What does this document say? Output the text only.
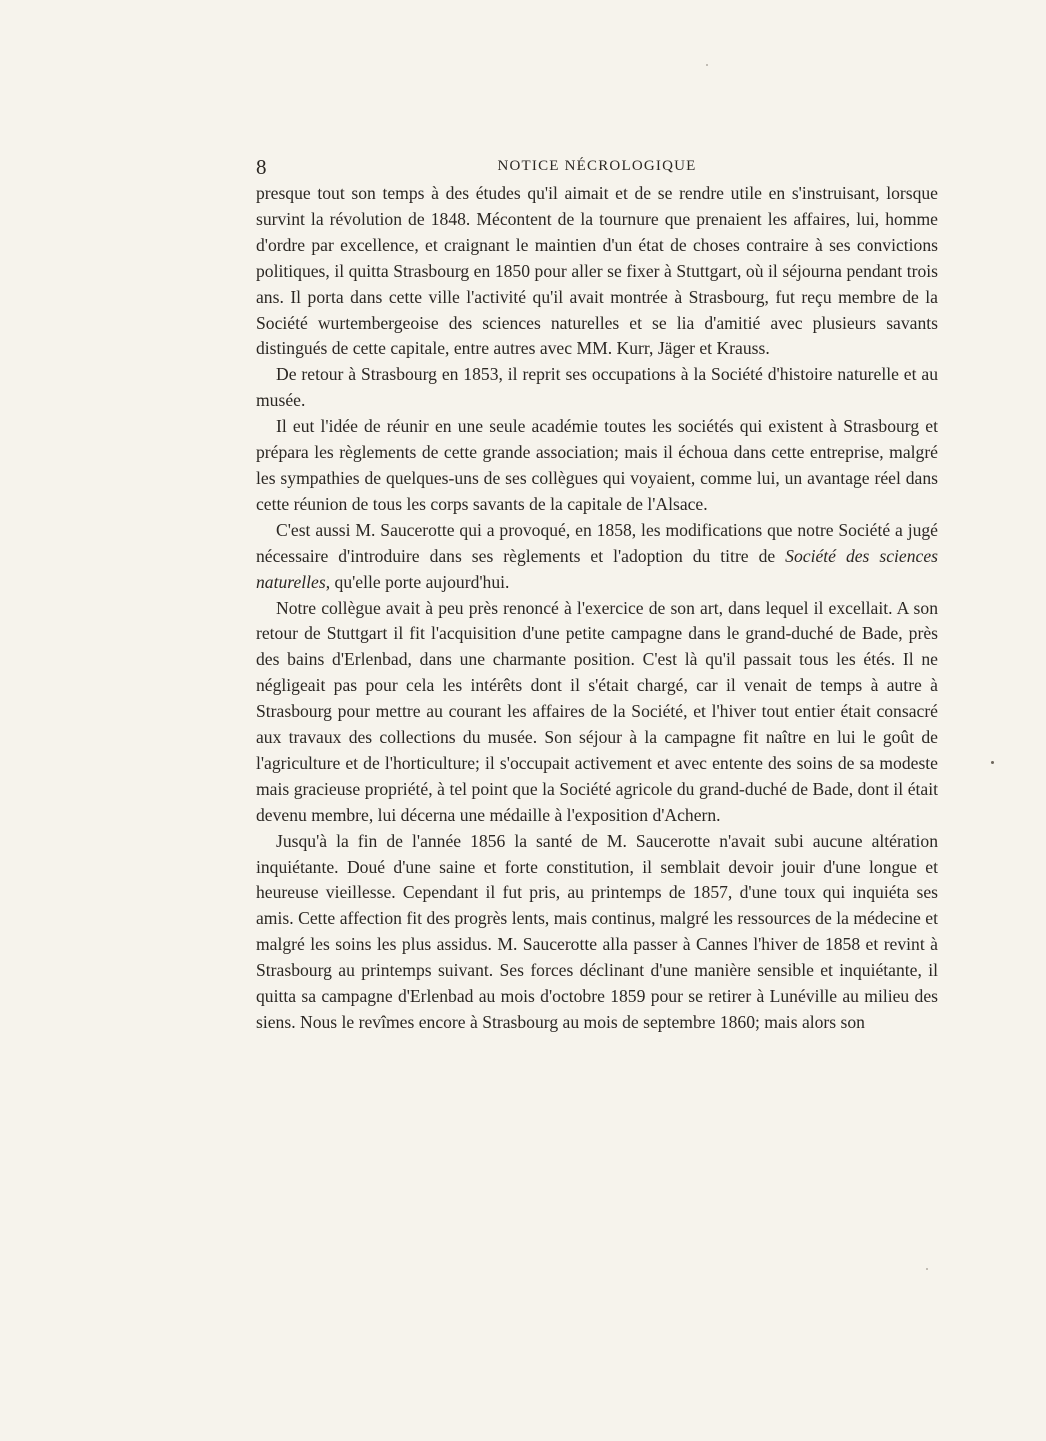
8	NOTICE NÉCROLOGIQUE

presque tout son temps à des études qu'il aimait et de se rendre utile en s'instruisant, lorsque survint la révolution de 1848. Mécontent de la tournure que prenaient les affaires, lui, homme d'ordre par excellence, et craignant le maintien d'un état de choses contraire à ses convictions politiques, il quitta Strasbourg en 1850 pour aller se fixer à Stuttgart, où il séjourna pendant trois ans. Il porta dans cette ville l'activité qu'il avait montrée à Strasbourg, fut reçu membre de la Société wurtembergeoise des sciences naturelles et se lia d'amitié avec plusieurs savants distingués de cette capitale, entre autres avec MM. Kurr, Jäger et Krauss.

De retour à Strasbourg en 1853, il reprit ses occupations à la Société d'histoire naturelle et au musée.

Il eut l'idée de réunir en une seule académie toutes les sociétés qui existent à Strasbourg et prépara les règlements de cette grande association; mais il échoua dans cette entreprise, malgré les sympathies de quelques-uns de ses collègues qui voyaient, comme lui, un avantage réel dans cette réunion de tous les corps savants de la capitale de l'Alsace.

C'est aussi M. Saucerotte qui a provoqué, en 1858, les modifications que notre Société a jugé nécessaire d'introduire dans ses règlements et l'adoption du titre de Société des sciences naturelles, qu'elle porte aujourd'hui.

Notre collègue avait à peu près renoncé à l'exercice de son art, dans lequel il excellait. A son retour de Stuttgart il fit l'acquisition d'une petite campagne dans le grand-duché de Bade, près des bains d'Erlenbad, dans une charmante position. C'est là qu'il passait tous les étés. Il ne négligeait pas pour cela les intérêts dont il s'était chargé, car il venait de temps à autre à Strasbourg pour mettre au courant les affaires de la Société, et l'hiver tout entier était consacré aux travaux des collections du musée. Son séjour à la campagne fit naître en lui le goût de l'agriculture et de l'horticulture; il s'occupait activement et avec entente des soins de sa modeste mais gracieuse propriété, à tel point que la Société agricole du grand-duché de Bade, dont il était devenu membre, lui décerna une médaille à l'exposition d'Achern.

Jusqu'à la fin de l'année 1856 la santé de M. Saucerotte n'avait subi aucune altération inquiétante. Doué d'une saine et forte constitution, il semblait devoir jouir d'une longue et heureuse vieillesse. Cependant il fut pris, au printemps de 1857, d'une toux qui inquiéta ses amis. Cette affection fit des progrès lents, mais continus, malgré les ressources de la médecine et malgré les soins les plus assidus. M. Saucerotte alla passer à Cannes l'hiver de 1858 et revint à Strasbourg au printemps suivant. Ses forces déclinant d'une manière sensible et inquiétante, il quitta sa campagne d'Erlenbad au mois d'octobre 1859 pour se retirer à Lunéville au milieu des siens. Nous le revîmes encore à Strasbourg au mois de septembre 1860; mais alors son
